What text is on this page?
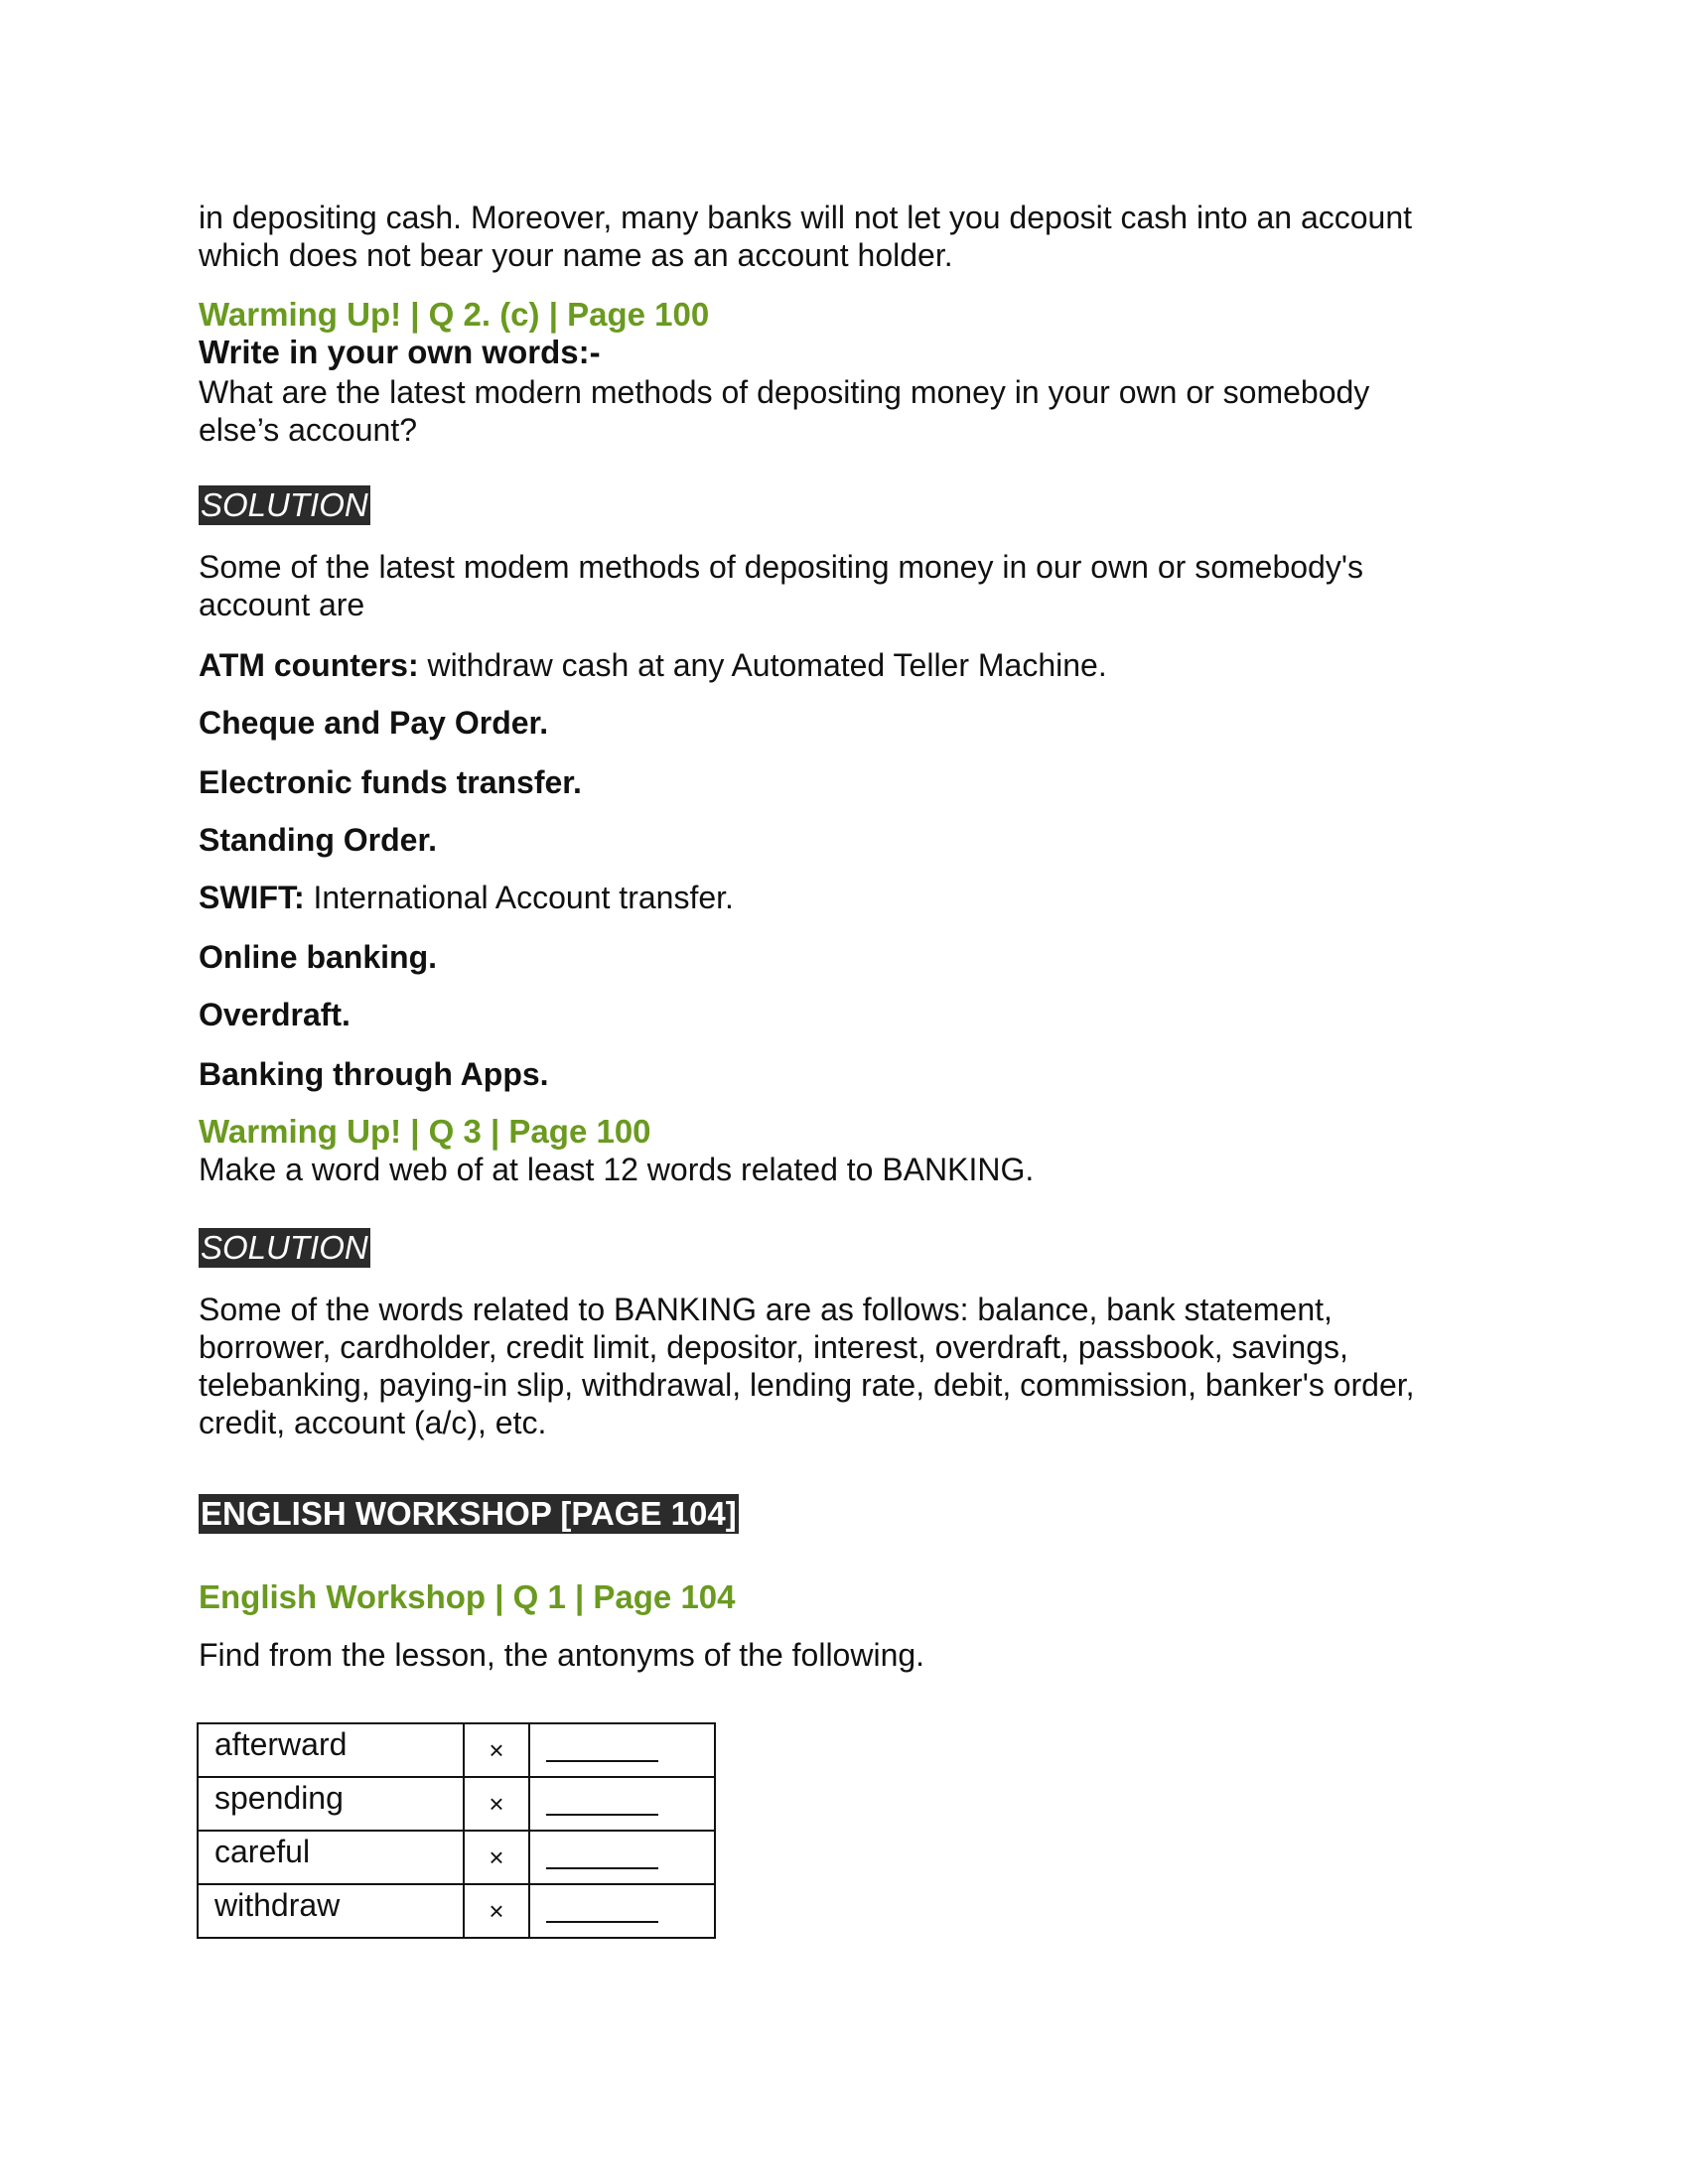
in depositing cash. Moreover, many banks will not let you deposit cash into an account
which does not bear your name as an account holder.

Warming Up! | Q 2. (c) | Page 100

Write in your own words:-

What are the latest modern methods of depositing money in your own or somebody else’s account?

SOLUTION

Some of the latest modem methods of depositing money in our own or somebody's account are

ATM counters: withdraw cash at any Automated Teller Machine.

Cheque and Pay Order.

Electronic funds transfer.

Standing Order.

SWIFT: International Account transfer.

Online banking.

Overdraft.

Banking through Apps.

Warming Up! | Q 3 | Page 100

Make a word web of at least 12 words related to BANKING.

SOLUTION

Some of the words related to BANKING are as follows: balance, bank statement, borrower, cardholder, credit limit, depositor, interest, overdraft, passbook, savings, telebanking, paying-in slip, withdrawal, lending rate, debit, commission, banker's order, credit, account (a/c), etc.

ENGLISH WORKSHOP [PAGE 104]

English Workshop | Q 1 | Page 104

Find from the lesson, the antonyms of the following.

afterward	×	

spending	×	

careful	×	

withdraw	×	
